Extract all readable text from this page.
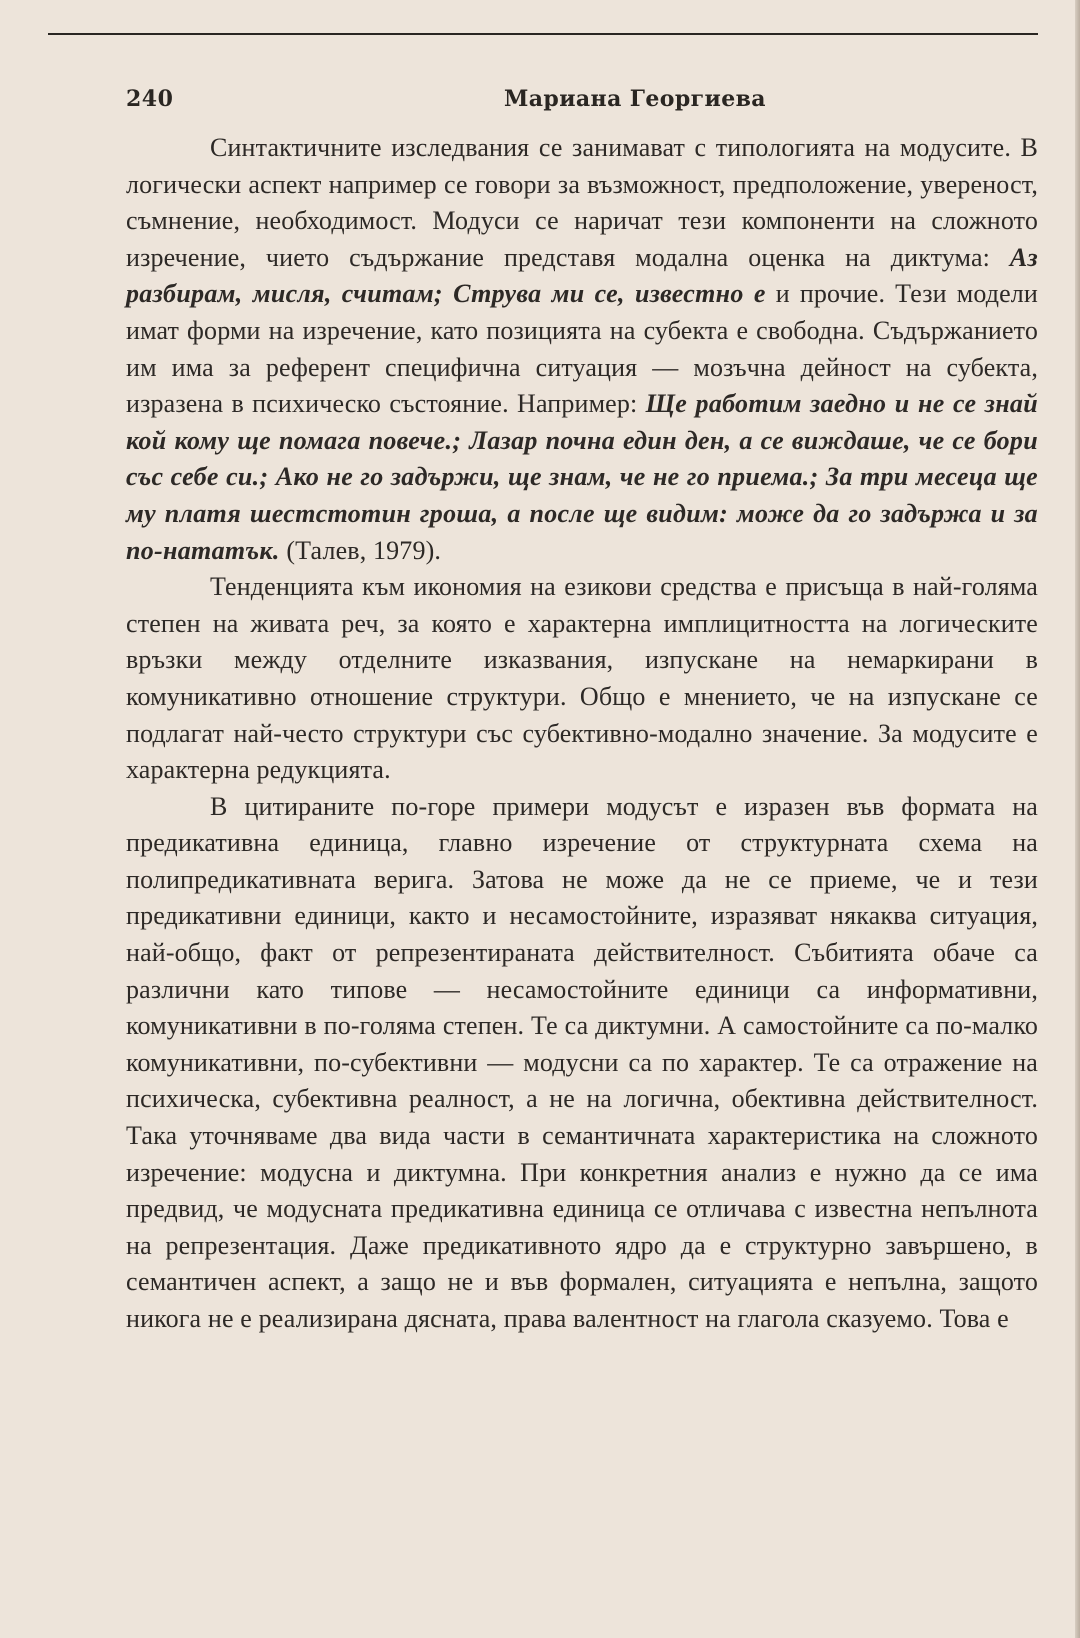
240	Мариана Георгиева

Синтактичните изследвания се занимават с типологията на модусите. В логически аспект например се говори за възможност, предположение, увереност, съмнение, необходимост. Модуси се наричат тези компоненти на сложното изречение, чието съдържание представя модална оценка на диктума: Аз разбирам, мисля, считам; Струва ми се, известно е и прочие. Тези модели имат форми на изречение, като позицията на субекта е свободна. Съдържанието им има за референт специфична ситуация — мозъчна дейност на субекта, изразена в психическо състояние. Например: Ще работим заедно и не се знай кой кому ще помага повече.; Лазар почна един ден, а се виждаше, че се бори със себе си.; Ако не го задържи, ще знам, че не го приема.; За три месеца ще му платя шестстотин гроша, а после ще видим: може да го задържа и за по-нататък. (Талев, 1979).

Тенденцията към икономия на езикови средства е присъща в най-голяма степен на живата реч, за която е характерна имплицитността на логическите връзки между отделните изказвания, изпускане на немаркирани в комуникативно отношение структури. Общо е мнението, че на изпускане се подлагат най-често структури със субективно-модално значение. За модусите е характерна редукцията.

В цитираните по-горе примери модусът е изразен във формата на предикативна единица, главно изречение от структурната схема на полипредикативната верига. Затова не може да не се приеме, че и тези предикативни единици, както и несамостойните, изразяват някаква ситуация, най-общо, факт от репрезентираната действителност. Събитията обаче са различни като типове — несамостойните единици са информативни, комуникативни в по-голяма степен. Те са диктумни. А самостойните са по-малко комуникативни, по-субективни — модусни са по характер. Те са отражение на психическа, субективна реалност, а не на логична, обективна действителност. Така уточняваме два вида части в семантичната характеристика на сложното изречение: модусна и диктумна. При конкретния анализ е нужно да се има предвид, че модусната предикативна единица се отличава с известна непълнота на репрезентация. Даже предикативното ядро да е структурно завършено, в семантичен аспект, а защо не и във формален, ситуацията е непълна, защото никога не е реализирана дясната, права валентност на глагола сказуемо. Това е
